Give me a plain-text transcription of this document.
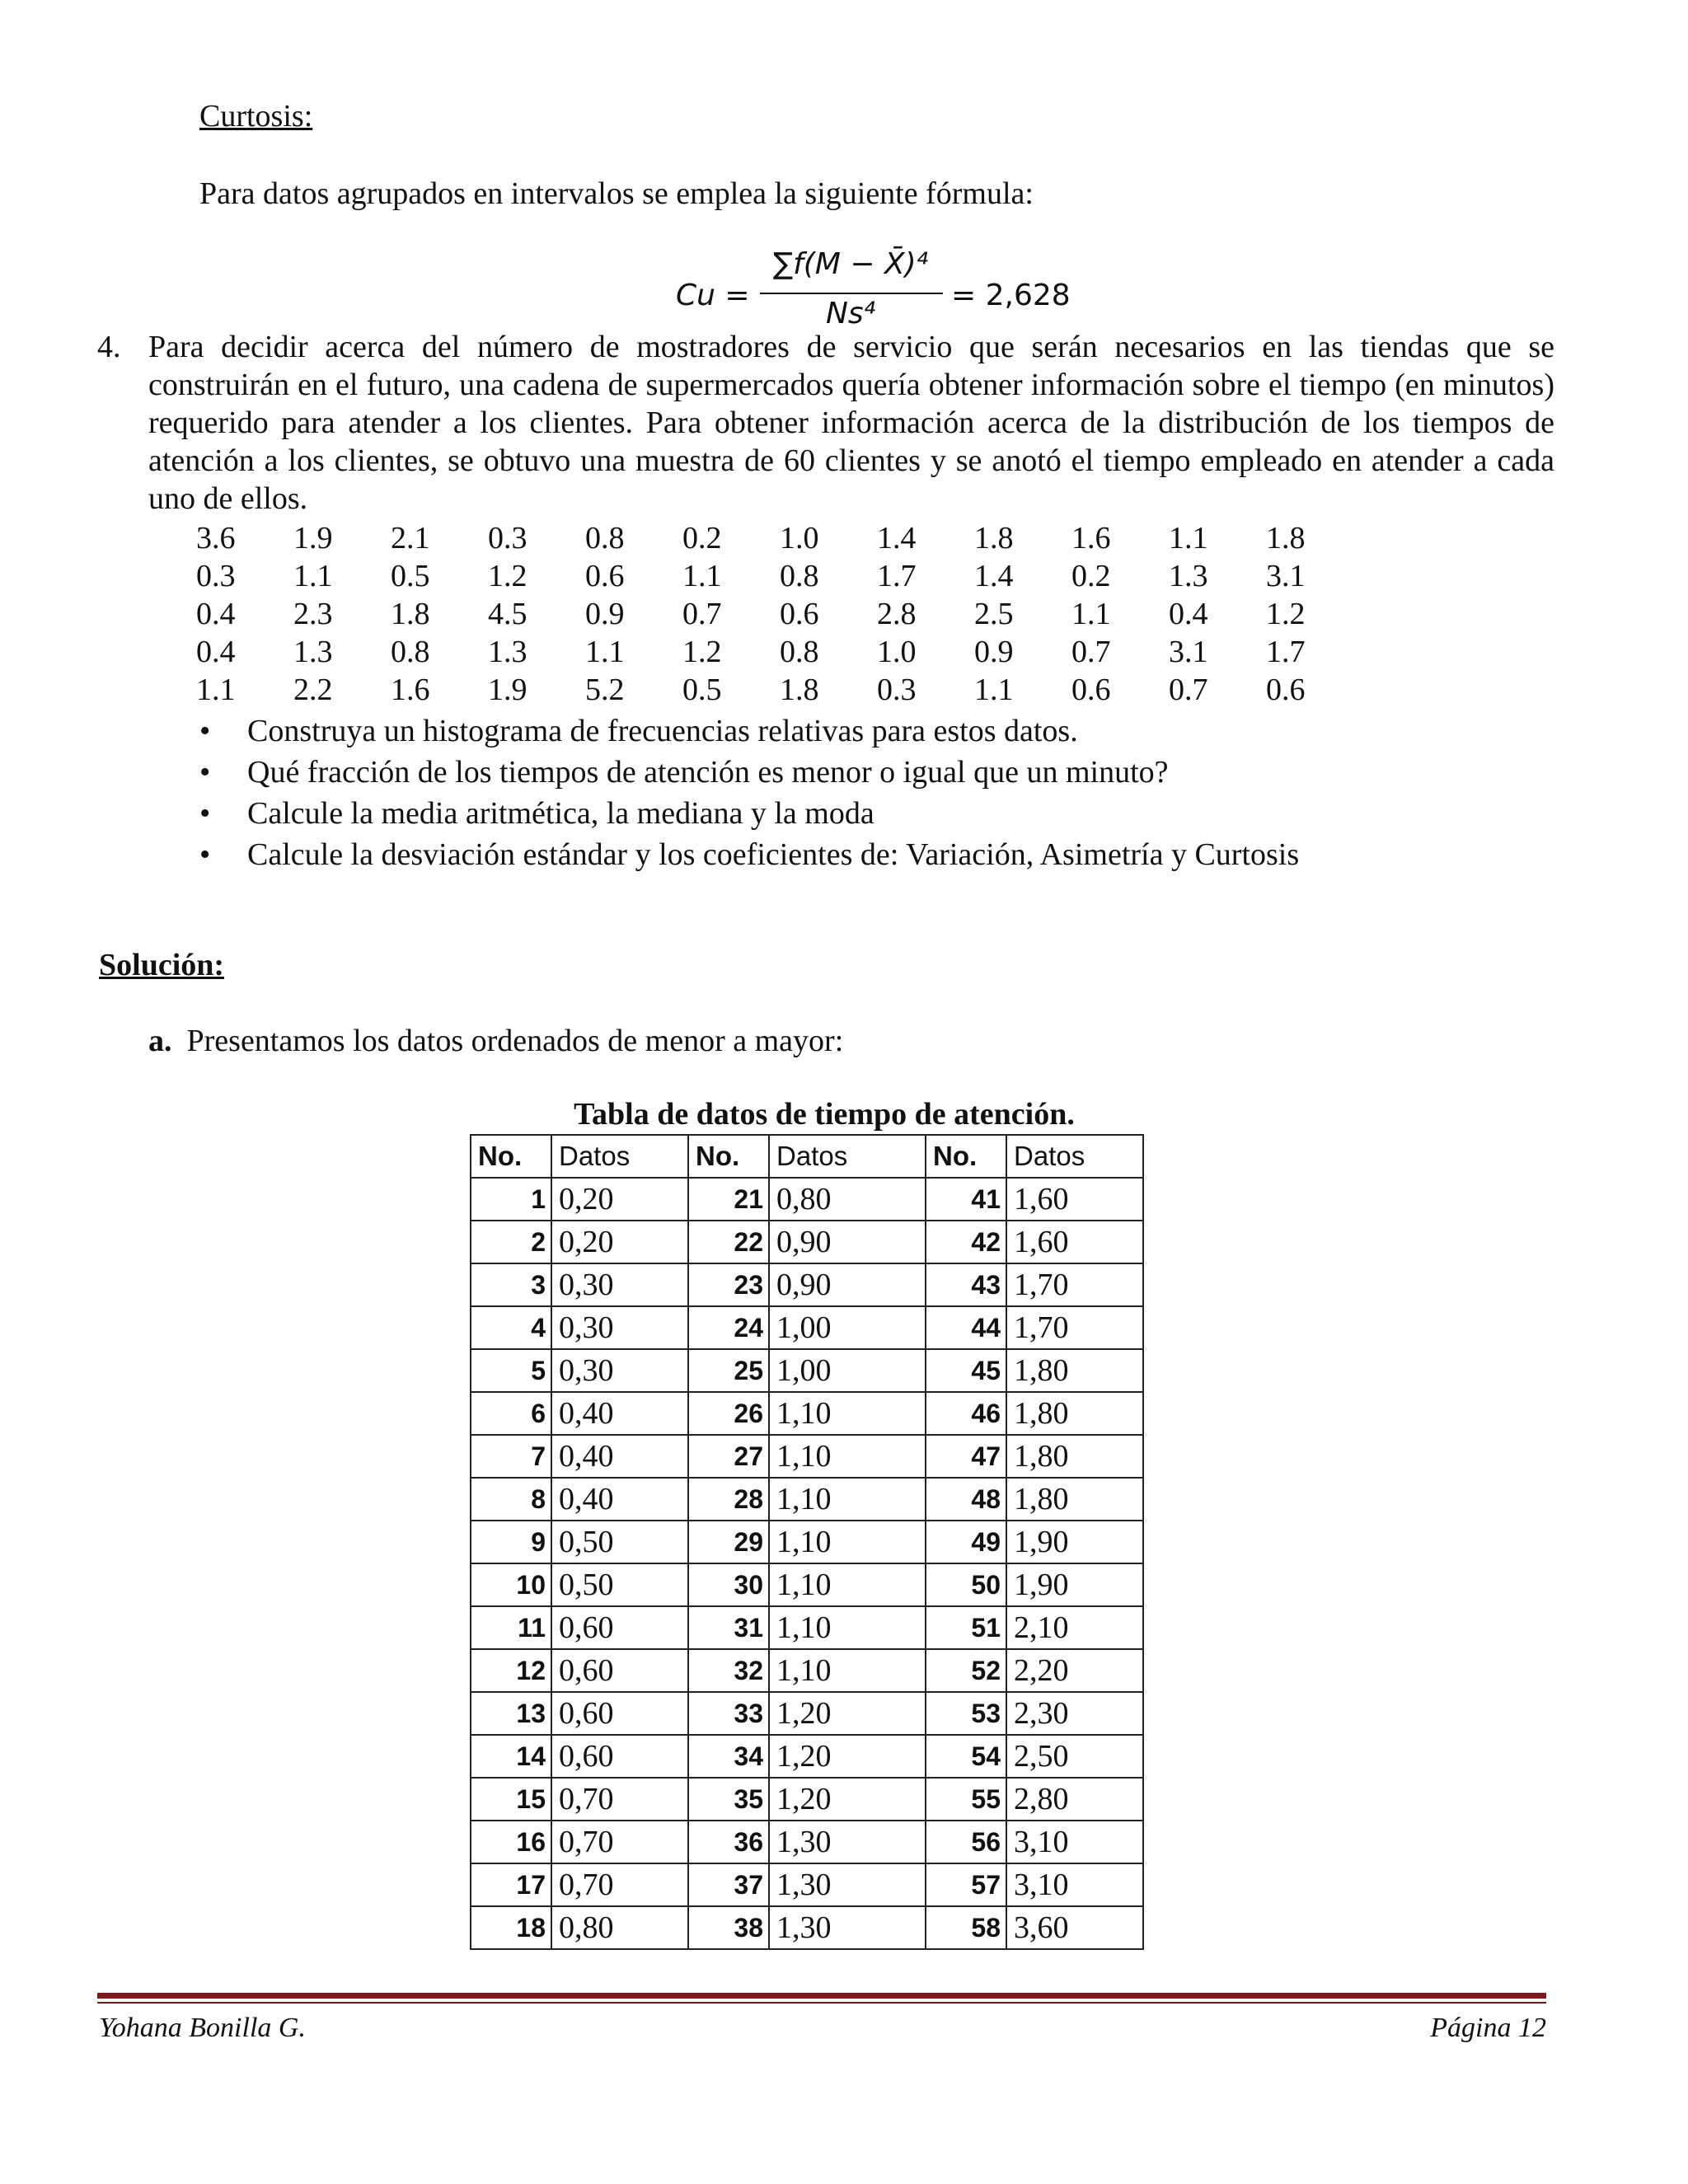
Curtosis:
Para datos agrupados en intervalos se emplea la siguiente fórmula:
Cu =
∑f(M − X̄)⁴
Ns⁴
= 2,628
4. Para decidir acerca del número de mostradores de servicio que serán necesarios en las tiendas que se construirán en el futuro, una cadena de supermercados quería obtener información sobre el tiempo (en minutos) requerido para atender a los clientes. Para obtener información acerca de la distribución de los tiempos de atención a los clientes, se obtuvo una muestra de 60 clientes y se anotó el tiempo empleado en atender a cada uno de ellos.
3.6	1.9	2.1	0.3	0.8	0.2	1.0	1.4	1.8	1.6	1.1	1.8
0.3	1.1	0.5	1.2	0.6	1.1	0.8	1.7	1.4	0.2	1.3	3.1
0.4	2.3	1.8	4.5	0.9	0.7	0.6	2.8	2.5	1.1	0.4	1.2
0.4	1.3	0.8	1.3	1.1	1.2	0.8	1.0	0.9	0.7	3.1	1.7
1.1	2.2	1.6	1.9	5.2	0.5	1.8	0.3	1.1	0.6	0.7	0.6
• Construya un histograma de frecuencias relativas para estos datos.
• Qué fracción de los tiempos de atención es menor o igual que un minuto?
• Calcule la media aritmética, la mediana y la moda
• Calcule la desviación estándar y los coeficientes de: Variación, Asimetría y Curtosis
Solución:
a. Presentamos los datos ordenados de menor a mayor:
Tabla de datos de tiempo de atención.
No.	Datos	No.	Datos	No.	Datos
1	0,20	21	0,80	41	1,60
2	0,20	22	0,90	42	1,60
3	0,30	23	0,90	43	1,70
4	0,30	24	1,00	44	1,70
5	0,30	25	1,00	45	1,80
6	0,40	26	1,10	46	1,80
7	0,40	27	1,10	47	1,80
8	0,40	28	1,10	48	1,80
9	0,50	29	1,10	49	1,90
10	0,50	30	1,10	50	1,90
11	0,60	31	1,10	51	2,10
12	0,60	32	1,10	52	2,20
13	0,60	33	1,20	53	2,30
14	0,60	34	1,20	54	2,50
15	0,70	35	1,20	55	2,80
16	0,70	36	1,30	56	3,10
17	0,70	37	1,30	57	3,10
18	0,80	38	1,30	58	3,60
Yohana Bonilla G.	Página 12
